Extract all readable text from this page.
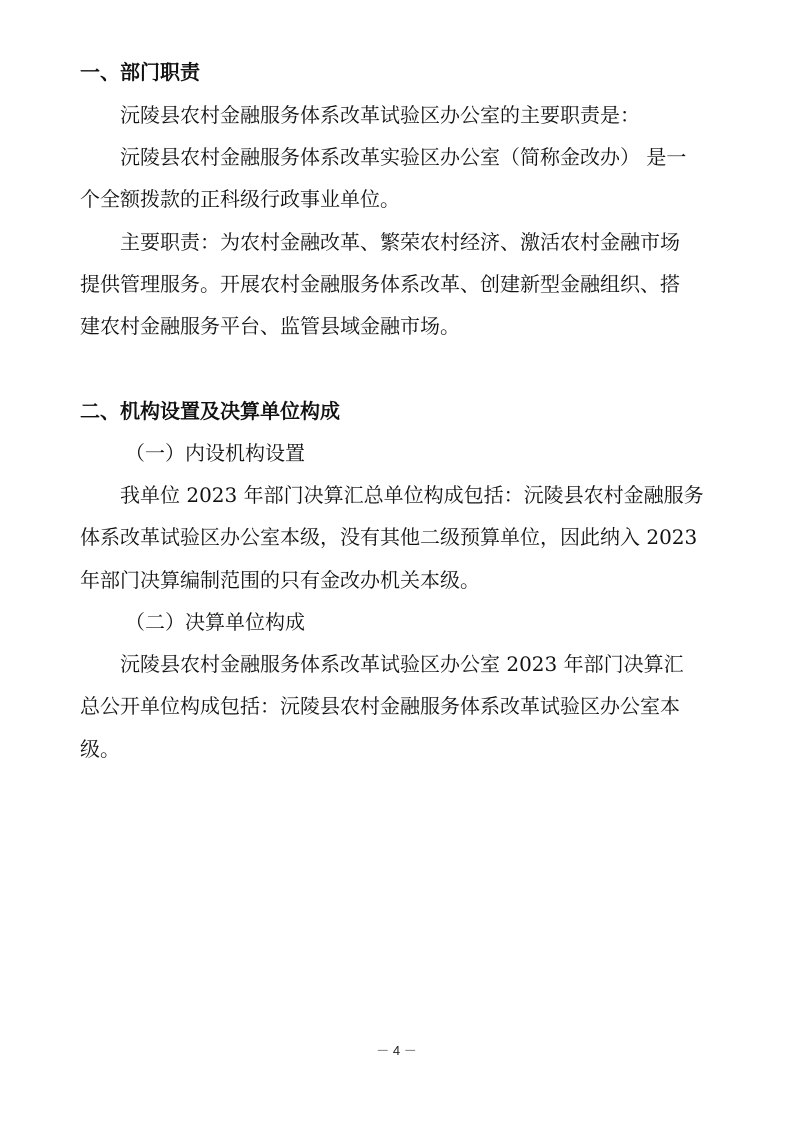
一、部门职责
沅陵县农村金融服务体系改革试验区办公室的主要职责是：
沅陵县农村金融服务体系改革实验区办公室（简称金改办） 是一
个全额拨款的正科级行政事业单位。
主要职责：为农村金融改革、繁荣农村经济、激活农村金融市场
提供管理服务。开展农村金融服务体系改革、创建新型金融组织、搭
建农村金融服务平台、监管县域金融市场。
二、机构设置及决算单位构成
（一）内设机构设置
我单位 2023 年部门决算汇总单位构成包括：沅陵县农村金融服务
体系改革试验区办公室本级，没有其他二级预算单位，因此纳入 2023
年部门决算编制范围的只有金改办机关本级。
（二）决算单位构成
沅陵县农村金融服务体系改革试验区办公室 2023 年部门决算汇
总公开单位构成包括：沅陵县农村金融服务体系改革试验区办公室本
级。
－ 4 －
